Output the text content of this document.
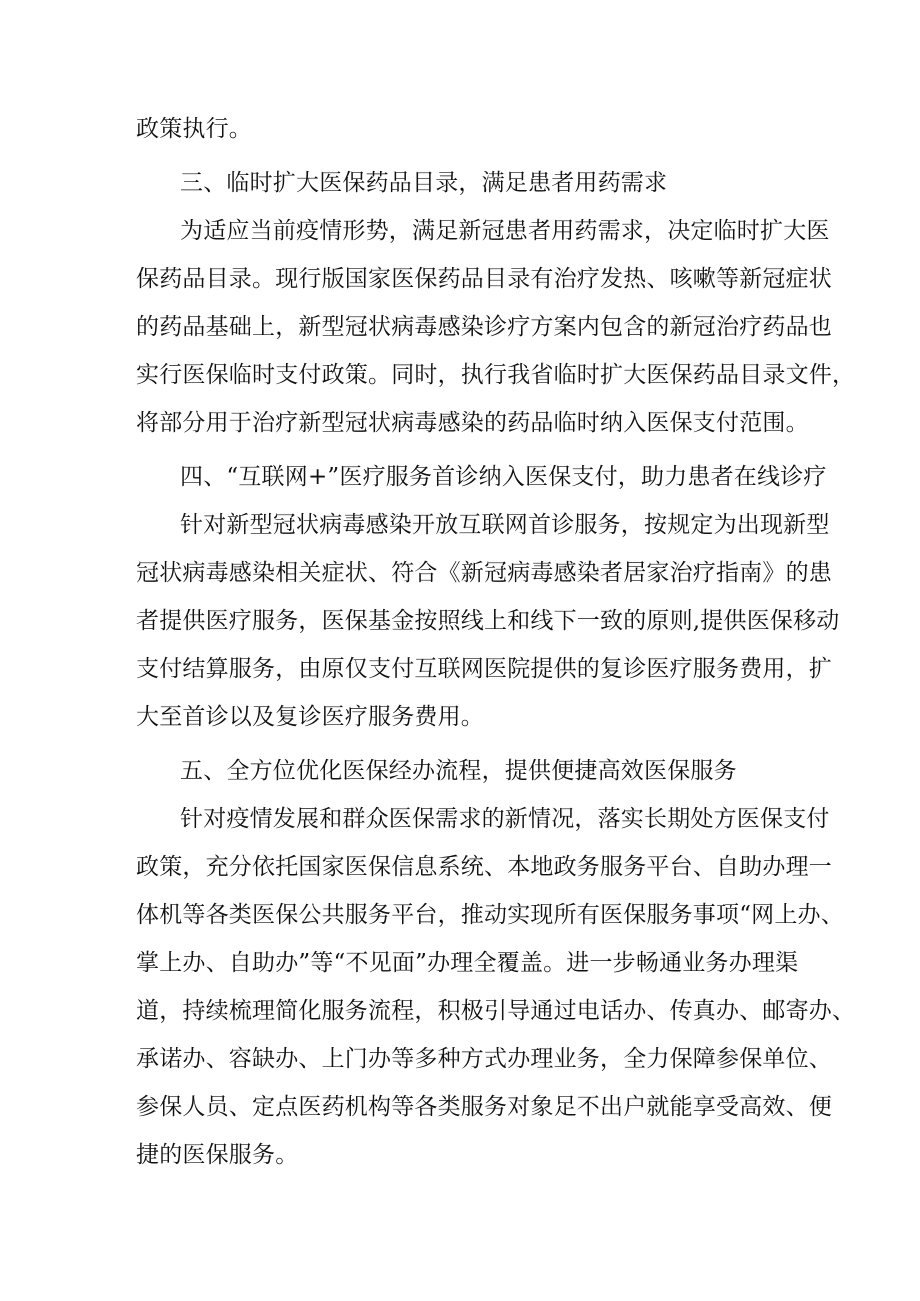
政策执行。
三、临时扩大医保药品目录，满足患者用药需求
为适应当前疫情形势，满足新冠患者用药需求，决定临时扩大医
保药品目录。现行版国家医保药品目录有治疗发热、咳嗽等新冠症状
的药品基础上，新型冠状病毒感染诊疗方案内包含的新冠治疗药品也
实行医保临时支付政策。同时，执行我省临时扩大医保药品目录文件，
将部分用于治疗新型冠状病毒感染的药品临时纳入医保支付范围。
四、“互联网+”医疗服务首诊纳入医保支付，助力患者在线诊疗
针对新型冠状病毒感染开放互联网首诊服务，按规定为出现新型
冠状病毒感染相关症状、符合《新冠病毒感染者居家治疗指南》的患
者提供医疗服务，医保基金按照线上和线下一致的原则,提供医保移动
支付结算服务，由原仅支付互联网医院提供的复诊医疗服务费用，扩
大至首诊以及复诊医疗服务费用。
五、全方位优化医保经办流程，提供便捷高效医保服务
针对疫情发展和群众医保需求的新情况，落实长期处方医保支付
政策，充分依托国家医保信息系统、本地政务服务平台、自助办理一
体机等各类医保公共服务平台，推动实现所有医保服务事项“网上办、
掌上办、自助办”等“不见面”办理全覆盖。进一步畅通业务办理渠
道，持续梳理简化服务流程，积极引导通过电话办、传真办、邮寄办、
承诺办、容缺办、上门办等多种方式办理业务，全力保障参保单位、
参保人员、定点医药机构等各类服务对象足不出户就能享受高效、便
捷的医保服务。
